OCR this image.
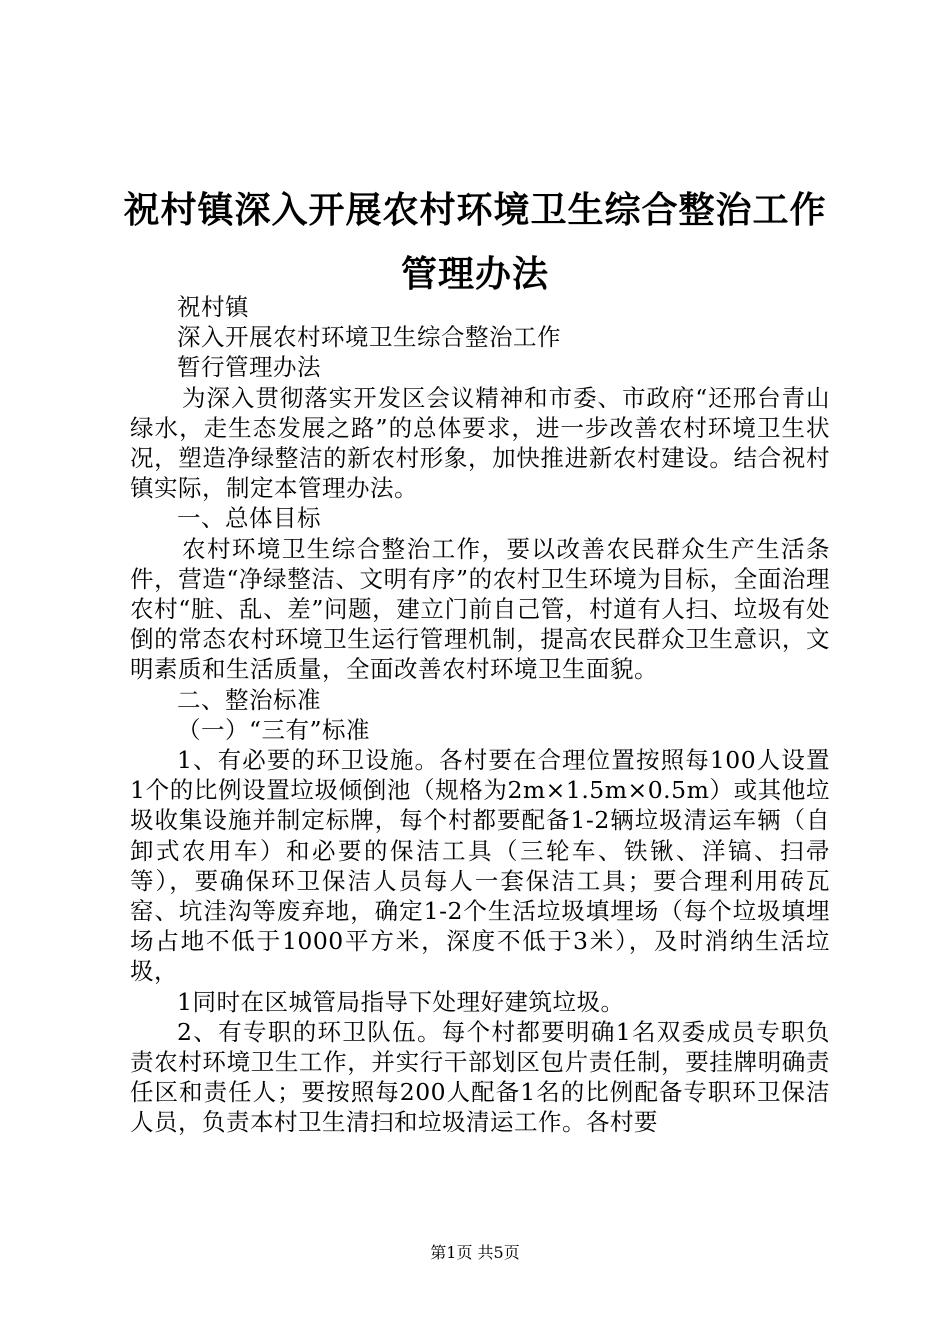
祝村镇深入开展农村环境卫生综合整治工作管理办法

祝村镇

深入开展农村环境卫生综合整治工作

暂行管理办法

为深入贯彻落实开发区会议精神和市委、市政府“还邢台青山绿水，走生态发展之路”的总体要求，进一步改善农村环境卫生状况，塑造净绿整洁的新农村形象，加快推进新农村建设。结合祝村镇实际，制定本管理办法。

一、总体目标

农村环境卫生综合整治工作，要以改善农民群众生产生活条件，营造“净绿整洁、文明有序”的农村卫生环境为目标，全面治理农村“脏、乱、差”问题，建立门前自己管，村道有人扫、垃圾有处倒的常态农村环境卫生运行管理机制，提高农民群众卫生意识，文明素质和生活质量，全面改善农村环境卫生面貌。

二、整治标准

（一）“三有”标准

1、有必要的环卫设施。各村要在合理位置按照每100人设置1个的比例设置垃圾倾倒池（规格为2m×1.5m×0.5m）或其他垃圾收集设施并制定标牌，每个村都要配备1-2辆垃圾清运车辆（自卸式农用车）和必要的保洁工具（三轮车、铁锹、洋镐、扫帚等），要确保环卫保洁人员每人一套保洁工具；要合理利用砖瓦窑、坑洼沟等废弃地，确定1-2个生活垃圾填埋场（每个垃圾填埋场占地不低于1000平方米，深度不低于3米），及时消纳生活垃圾，

1同时在区城管局指导下处理好建筑垃圾。

2、有专职的环卫队伍。每个村都要明确1名双委成员专职负责农村环境卫生工作，并实行干部划区包片责任制，要挂牌明确责任区和责任人；要按照每200人配备1名的比例配备专职环卫保洁人员，负责本村卫生清扫和垃圾清运工作。各村要

第1页 共5页
